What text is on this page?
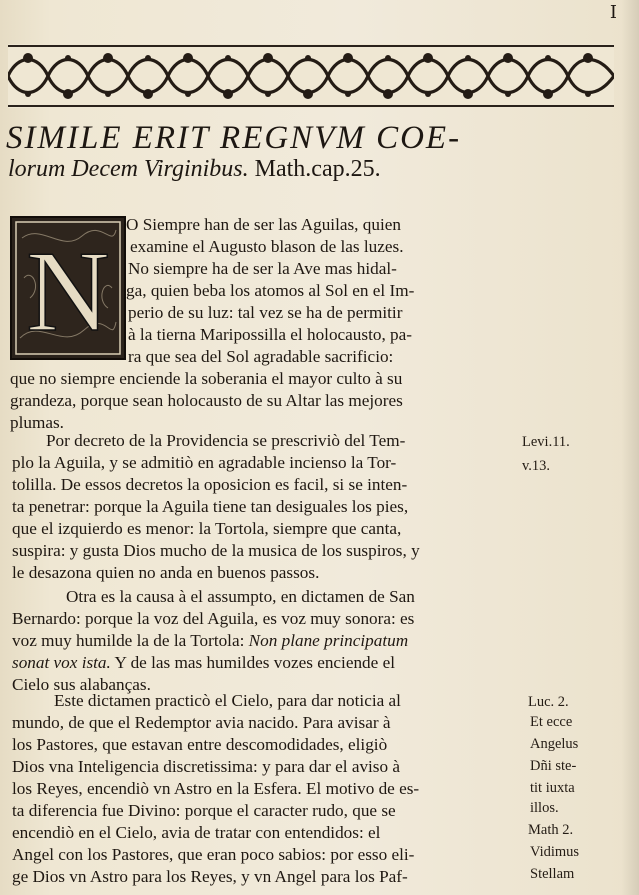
I
SIMILE ERIT REGNVM COE-
lorum Decem Virginibus. Math.cap.25.
N
O Siempre han de ser las Aguilas, quien
examine el Augusto blason de las luzes.
No siempre ha de ser la Ave mas hidal-
ga, quien beba los atomos al Sol en el Im-
perio de su luz: tal vez se ha de permitir
à la tierna Maripossilla el holocausto, pa-
ra que sea del Sol agradable sacrificio:
que no siempre enciende la soberania el mayor culto à su
grandeza, porque sean holocausto de su Altar las mejores
plumas.
Por decreto de la Providencia se prescriviò del Tem-
plo la Aguila, y se admitiò en agradable incienso la Tor-
tolilla. De essos decretos la oposicion es facil, si se inten-
ta penetrar: porque la Aguila tiene tan desiguales los pies,
que el izquierdo es menor: la Tortola, siempre que canta,
suspira: y gusta Dios mucho de la musica de los suspiros, y
le desazona quien no anda en buenos passos.
Otra es la causa à el assumpto, en dictamen de San
Bernardo: porque la voz del Aguila, es voz muy sonora: es
voz muy humilde la de la Tortola: Non plane principatum
sonat vox ista. Y de las mas humildes vozes enciende el
Cielo sus alabanças.
Este dictamen practicò el Cielo, para dar noticia al
mundo, de que el Redemptor avia nacido. Para avisar à
los Pastores, que estavan entre descomodidades, eligiò
Dios vna Inteligencia discretissima: y para dar el aviso à
los Reyes, encendiò vn Astro en la Esfera. El motivo de es-
ta diferencia fue Divino: porque el caracter rudo, que se
encendiò en el Cielo, avia de tratar con entendidos: el
Angel con los Pastores, que eran poco sabios: por esso eli-
ge Dios vn Astro para los Reyes, y vn Angel para los Paf-
Levi.11.
v.13.
Luc. 2.
Et ecce
Angelus
Dñi ste-
tit iuxta
illos.
Math 2.
Vidimus
Stellam
